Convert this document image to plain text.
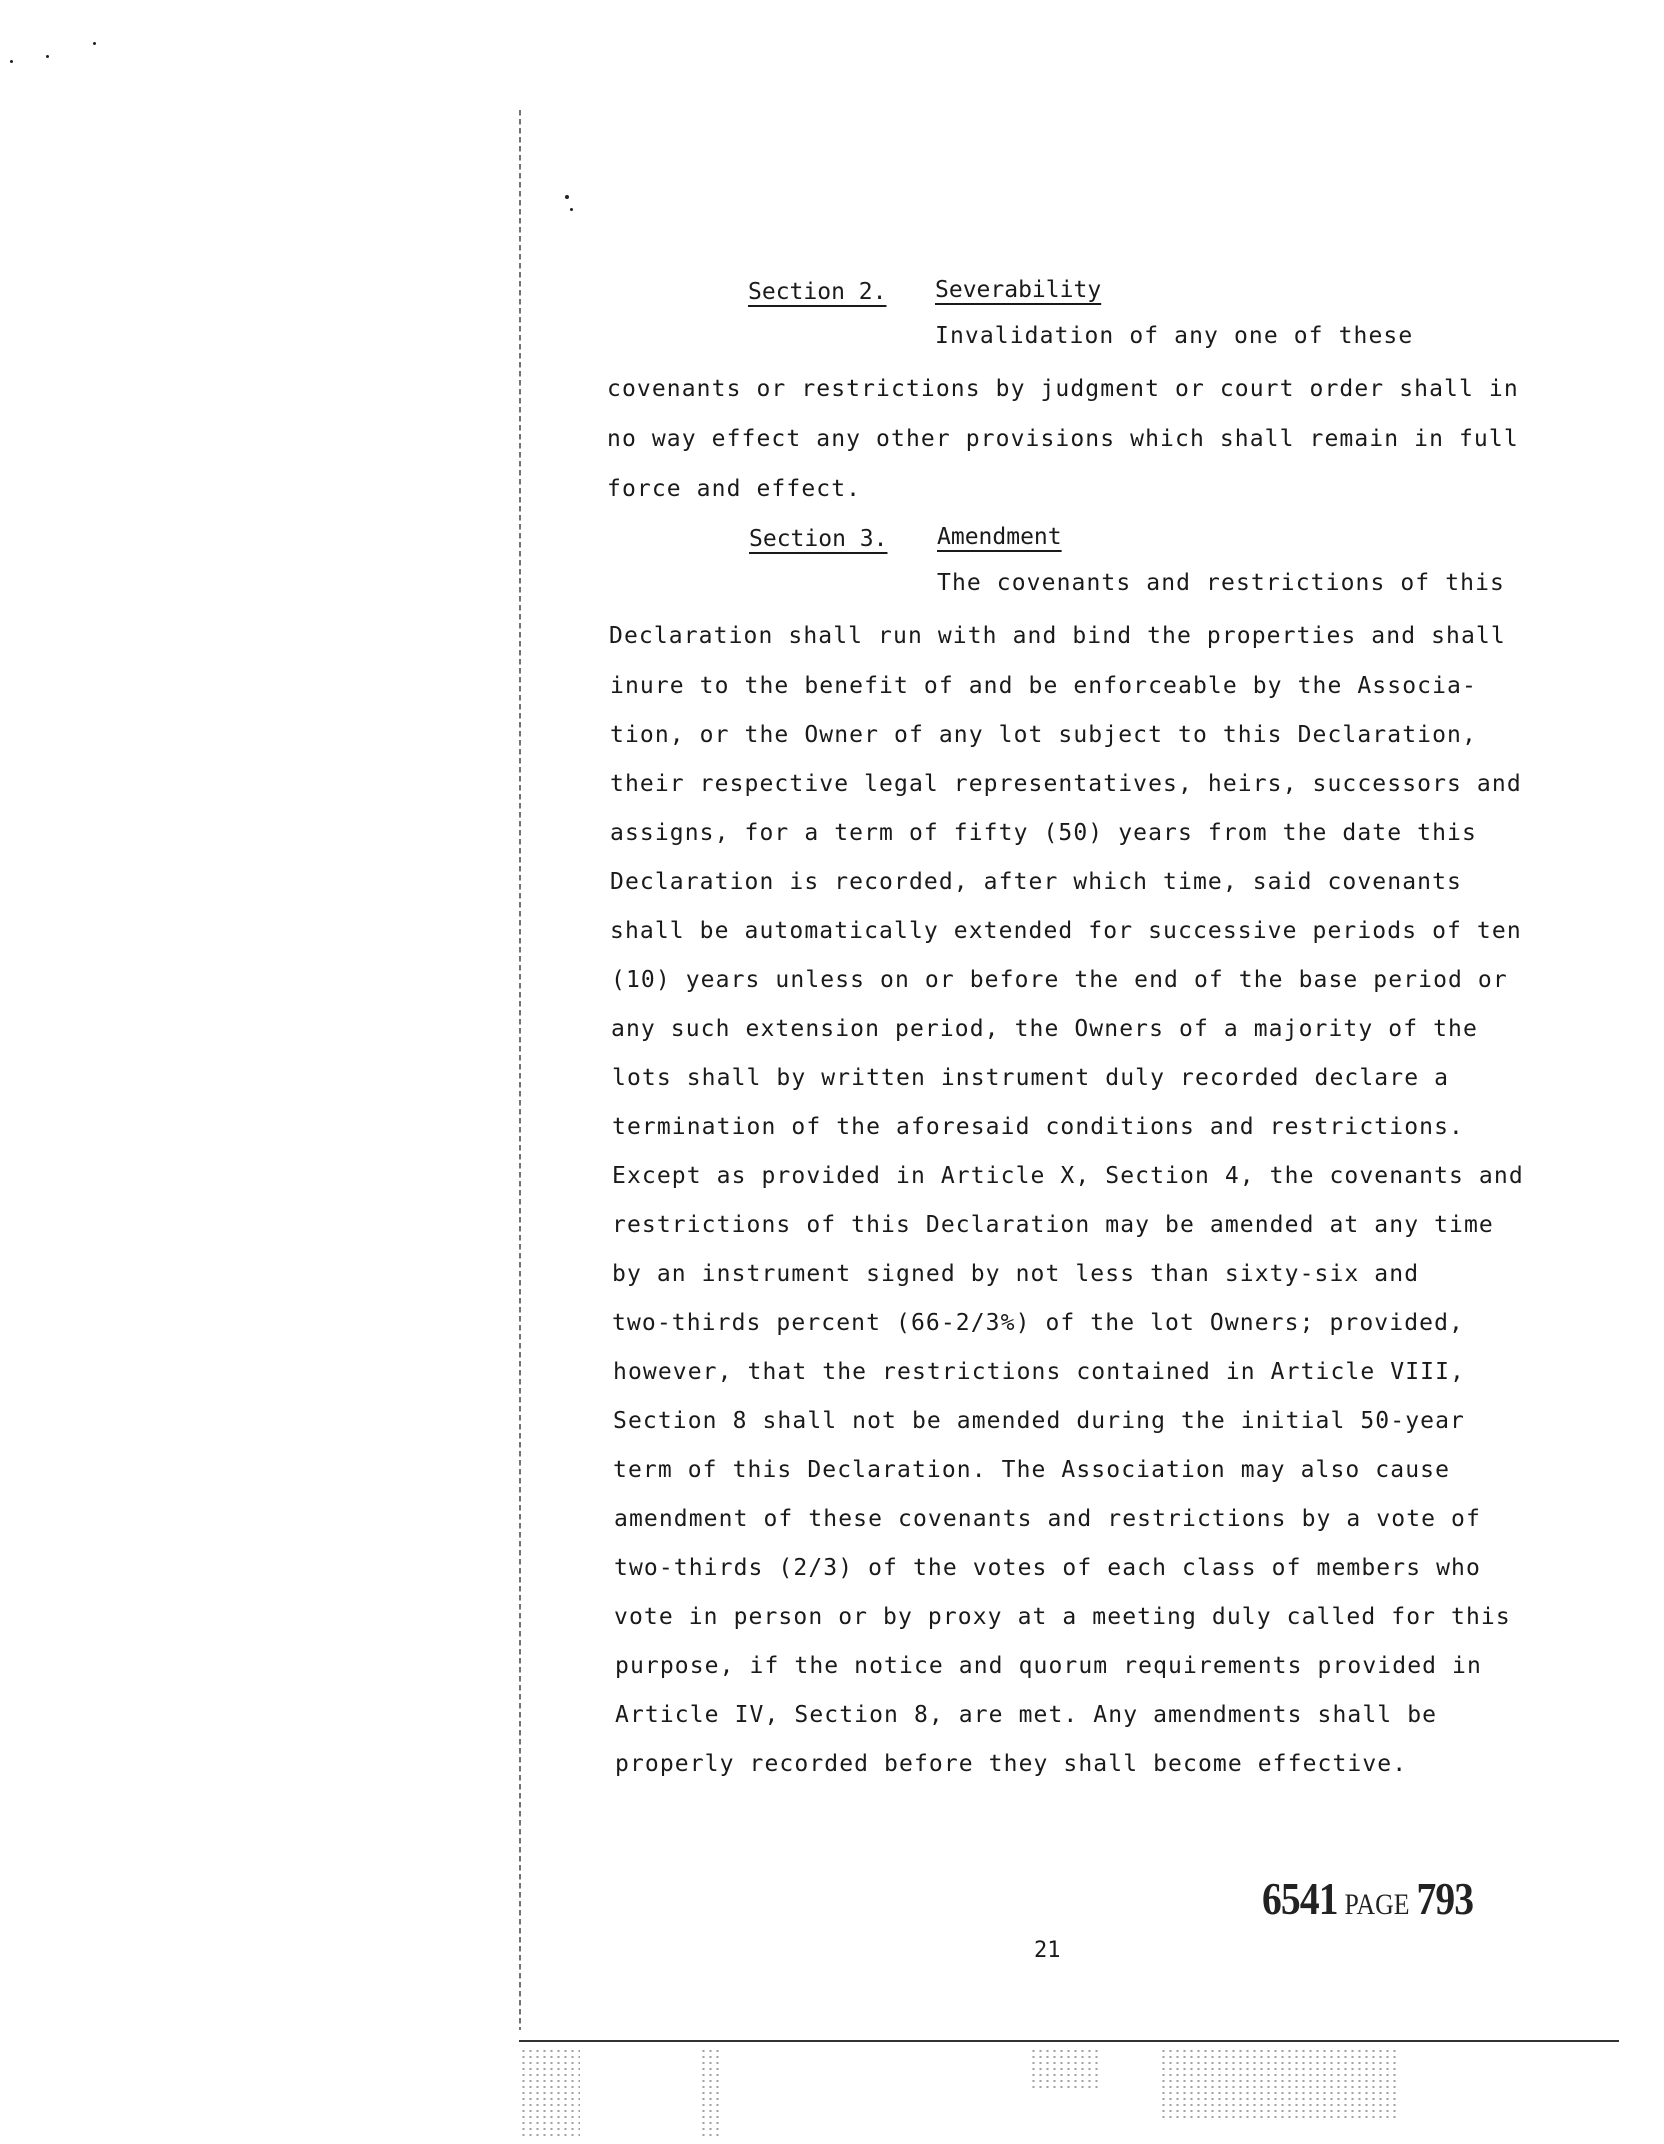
Section 2. Severability
Invalidation of any one of these
covenants or restrictions by judgment or court order shall in
no way effect any other provisions which shall remain in full
force and effect.
Section 3. Amendment
The covenants and restrictions of this
Declaration shall run with and bind the properties and shall
inure to the benefit of and be enforceable by the Associa-
tion, or the Owner of any lot subject to this Declaration,
their respective legal representatives, heirs, successors and
assigns, for a term of fifty (50) years from the date this
Declaration is recorded, after which time, said covenants
shall be automatically extended for successive periods of ten
(10) years unless on or before the end of the base period or
any such extension period, the Owners of a majority of the
lots shall by written instrument duly recorded declare a
termination of the aforesaid conditions and restrictions.
Except as provided in Article X, Section 4, the covenants and
restrictions of this Declaration may be amended at any time
by an instrument signed by not less than sixty-six and
two-thirds percent (66-2/3%) of the lot Owners; provided,
however, that the restrictions contained in Article VIII,
Section 8 shall not be amended during the initial 50-year
term of this Declaration. The Association may also cause
amendment of these covenants and restrictions by a vote of
two-thirds (2/3) of the votes of each class of members who
vote in person or by proxy at a meeting duly called for this
purpose, if the notice and quorum requirements provided in
Article IV, Section 8, are met. Any amendments shall be
properly recorded before they shall become effective.
6541 PAGE 793
21
